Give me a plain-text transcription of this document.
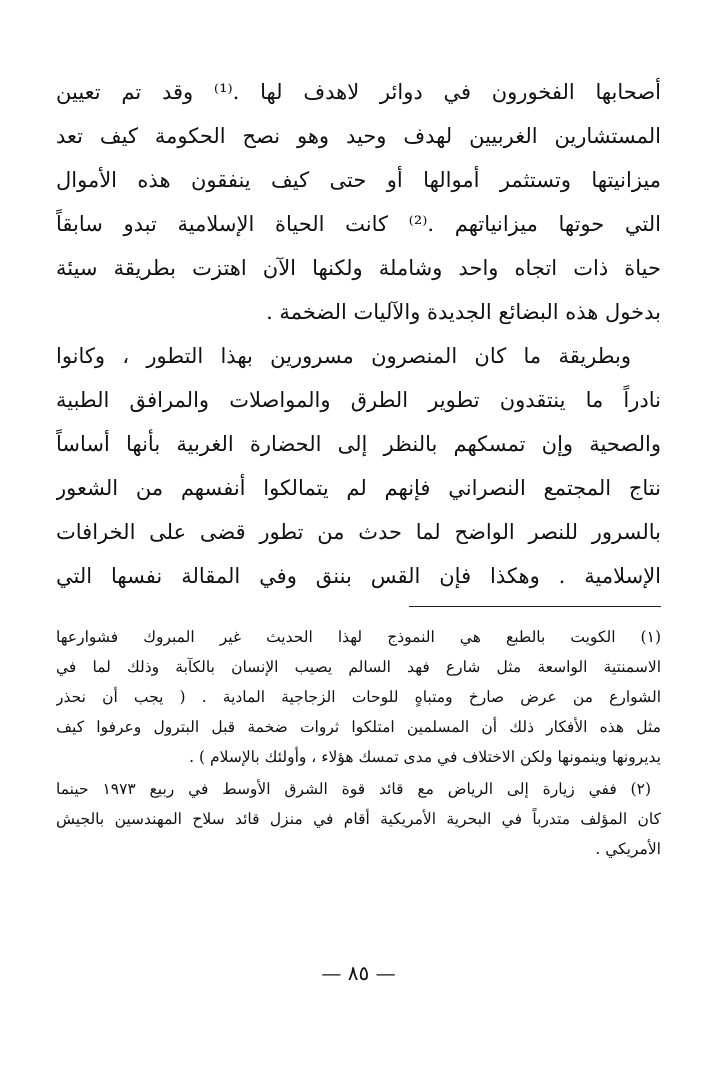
أصحابها الفخورون في دوائر لاهدف لها .⁽¹⁾ وقد تم تعيين
المستشارين الغربيين لهدف وحيد وهو نصح الحكومة كيف تعد
ميزانيتها وتستثمر أموالها أو حتى كيف ينفقون هذه الأموال
التي حوتها ميزانياتهم .⁽²⁾ كانت الحياة الإسلامية تبدو سابقاً
حياة ذات اتجاه واحد وشاملة ولكنها الآن اهتزت بطريقة سيئة
بدخول هذه البضائع الجديدة والآليات الضخمة .
وبطريقة ما كان المنصرون مسرورين بهذا التطور ، وكانوا
نادراً ما ينتقدون تطوير الطرق والمواصلات والمرافق الطبية
والصحية وإن تمسكهم بالنظر إلى الحضارة الغربية بأنها أساساً
نتاج المجتمع النصراني فإنهم لم يتمالكوا أنفسهم من الشعور
بالسرور للنصر الواضح لما حدث من تطور قضى على الخرافات
الإسلامية . وهكذا فإن القس بننق وفي المقالة نفسها التي
(١) الكويت بالطبع هي النموذج لهذا الحديث غير المبروك فشوارعها
الاسمنتية الواسعة مثل شارع فهد السالم يصيب الإنسان بالكآبة وذلك لما في
الشوارع من عرض صارخ ومتباهٍ للوحات الزجاجية المادية . ( يجب أن نحذر
مثل هذه الأفكار ذلك أن المسلمين امتلكوا ثروات ضخمة قبل البترول وعرفوا كيف
يديرونها وينمونها ولكن الاختلاف في مدى تمسك هؤلاء ، وأولئك بالإسلام ) .
(٢) ففي زيارة إلى الرياض مع قائد قوة الشرق الأوسط في ربيع ١٩٧٣ حينما
كان المؤلف متدرباً في البحرية الأمريكية أقام في منزل قائد سلاح المهندسين بالجيش
الأمريكي .
— ٨٥ —
